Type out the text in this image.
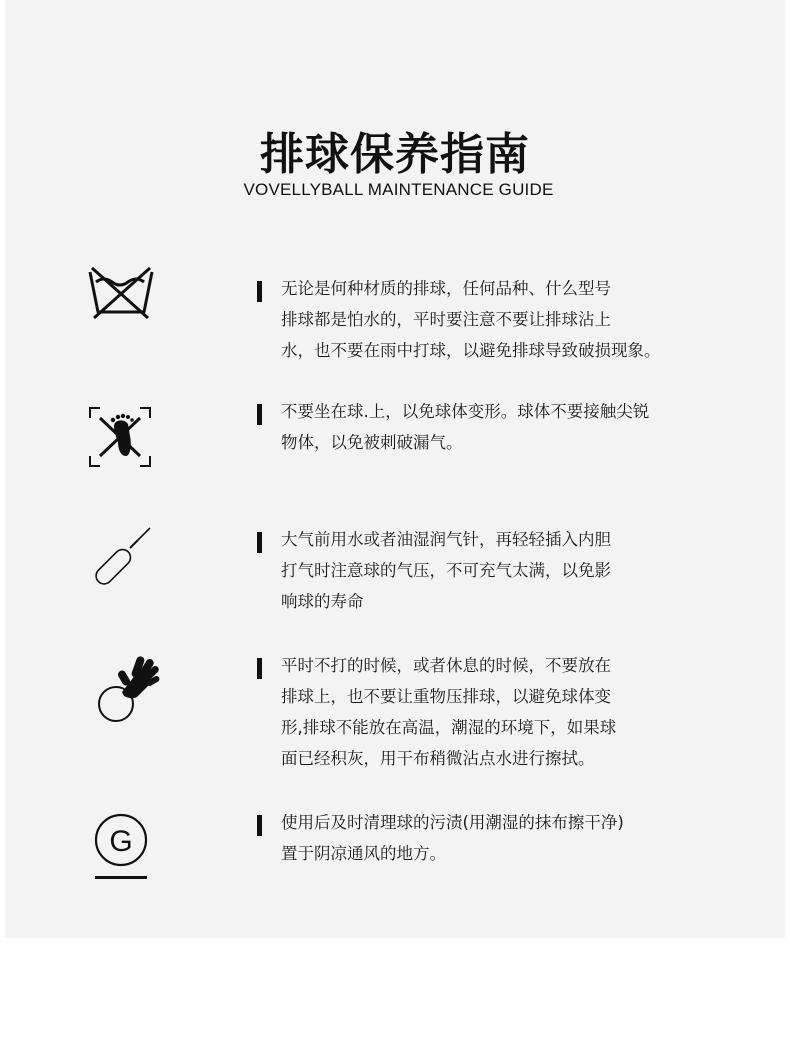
排球保养指南
VOVELLYBALL MAINTENANCE GUIDE
无论是何种材质的排球，任何品种、什么型号
排球都是怕水的，平时要注意不要让排球沾上
水，也不要在雨中打球，以避免排球导致破损现象。
不要坐在球.上，以免球体变形。球体不要接触尖锐
物体，以免被刺破漏气。
大气前用水或者油湿润气针，再轻轻插入内胆
打气时注意球的气压，不可充气太满，以免影
响球的寿命
平时不打的时候，或者休息的时候，不要放在
排球上，也不要让重物压排球，以避免球体变
形,排球不能放在高温，潮湿的环境下，如果球
面已经积灰，用干布稍微沾点水进行擦拭。
G
使用后及时清理球的污渍(用潮湿的抹布擦干净)
置于阴凉通风的地方。
